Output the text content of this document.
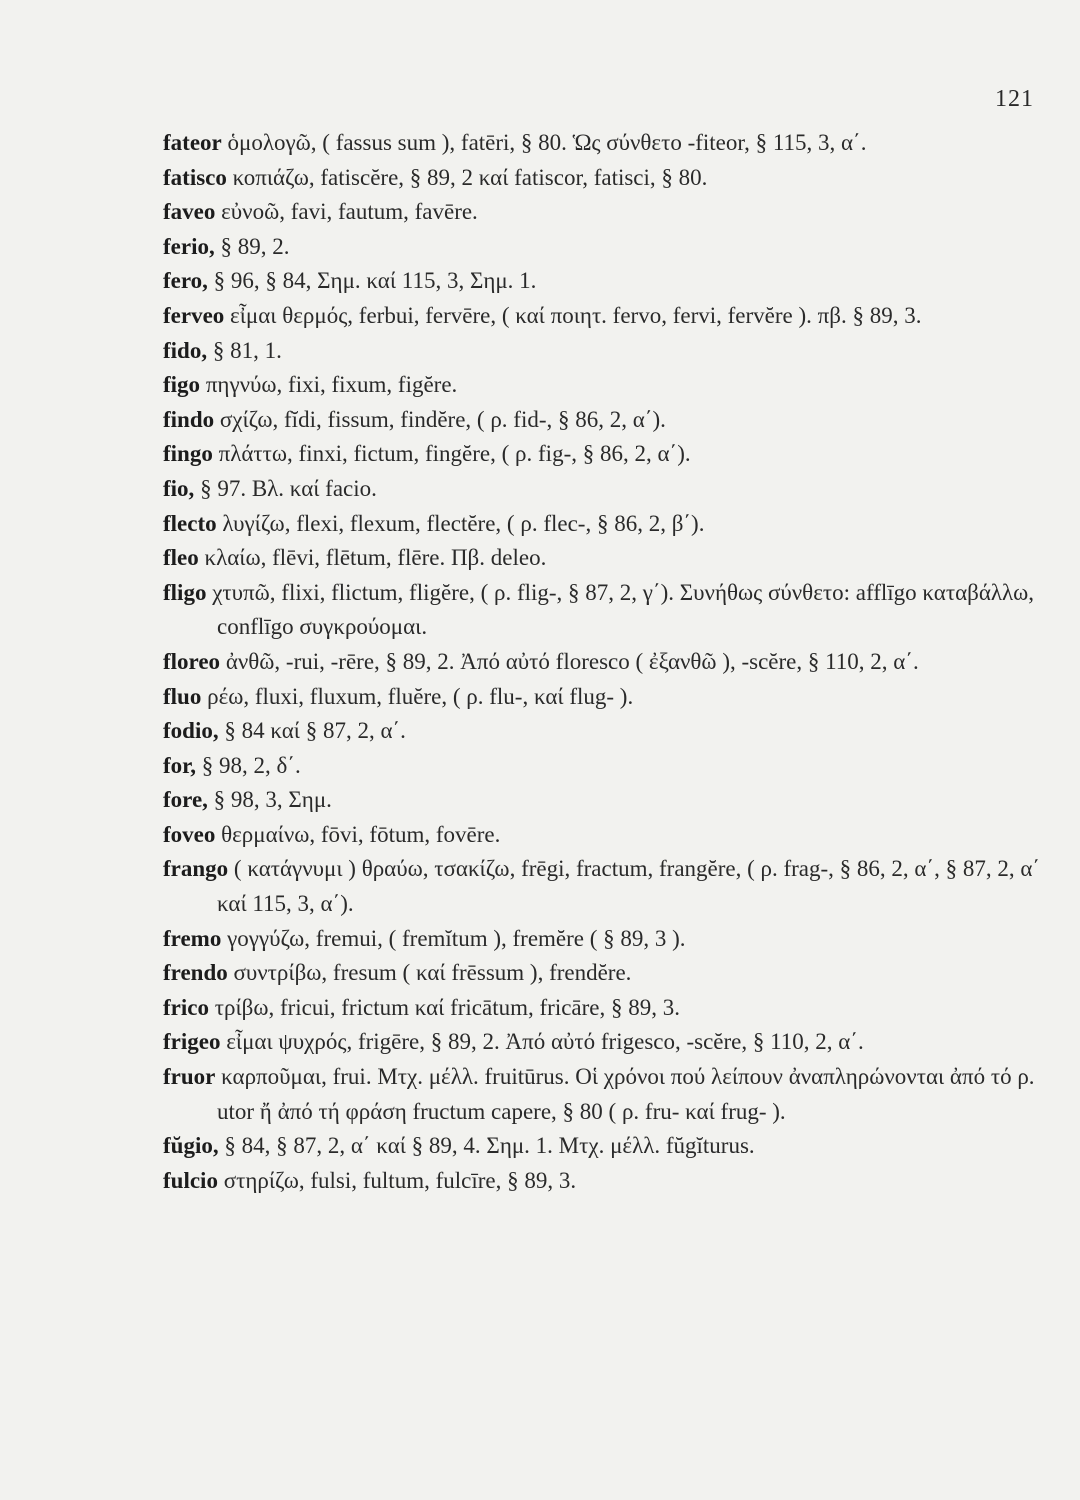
121
fateor ὁμολογῶ, ( fassus sum ), fatēri, § 80. Ὡς σύνθετο -fiteor, § 115, 3, α΄.
fatisco κοπιάζω, fatiscĕre, § 89, 2 καί fatiscor, fatisci, § 80.
faveo εὐνοῶ, favi, fautum, favēre.
ferio, § 89, 2.
fero, § 96, § 84, Σημ. καί 115, 3, Σημ. 1.
ferveo εἶμαι θερμός, ferbui, fervēre, ( καί ποιητ. fervo, fervi, fervĕre ). πβ. § 89, 3.
fido, § 81, 1.
figo πηγνύω, fixi, fixum, figĕre.
findo σχίζω, fĭdi, fissum, findĕre, ( ρ. fid-, § 86, 2, α΄).
fingo πλάττω, finxi, fictum, fingĕre, ( ρ. fig-, § 86, 2, α΄).
fio, § 97. Βλ. καί facio.
flecto λυγίζω, flexi, flexum, flectĕre, ( ρ. flec-, § 86, 2, β΄).
fleo κλαίω, flēvi, flētum, flēre. Πβ. deleo.
fligo χτυπῶ, flixi, flictum, fligĕre, ( ρ. flig-, § 87, 2, γ΄). Συνήθως σύνθετο: afflīgo καταβάλλω, conflīgo συγκρούομαι.
floreo ἀνθῶ, -rui, -rēre, § 89, 2. Ἀπό αὐτό floresco ( ἐξανθῶ ), -scĕre, § 110, 2, α΄.
fluo ρέω, fluxi, fluxum, fluĕre, ( ρ. flu-, καί flug- ).
fodio, § 84 καί § 87, 2, α΄.
for, § 98, 2, δ΄.
fore, § 98, 3, Σημ.
foveo θερμαίνω, fōvi, fōtum, fovēre.
frango ( κατάγνυμι ) θραύω, τσακίζω, frēgi, fractum, frangĕre, ( ρ. frag-, § 86, 2, α΄, § 87, 2, α΄ καί 115, 3, α΄).
fremo γογγύζω, fremui, ( fremĭtum ), fremĕre ( § 89, 3 ).
frendo συντρίβω, fresum ( καί frēssum ), frendĕre.
frico τρίβω, fricui, frictum καί fricātum, fricāre, § 89, 3.
frigeo εἶμαι ψυχρός, frigēre, § 89, 2. Ἀπό αὐτό frigesco, -scĕre, § 110, 2, α΄.
fruor καρποῦμαι, frui. Μτχ. μέλλ. fruitūrus. Οἱ χρόνοι πού λείπουν ἀναπληρώνονται ἀπό τό ρ. utor ἤ ἀπό τή φράση fructum capere, § 80 ( ρ. fru- καί frug- ).
fŭgio, § 84, § 87, 2, α΄ καί § 89, 4. Σημ. 1. Μτχ. μέλλ. fŭgĭturus.
fulcio στηρίζω, fulsi, fultum, fulcīre, § 89, 3.
